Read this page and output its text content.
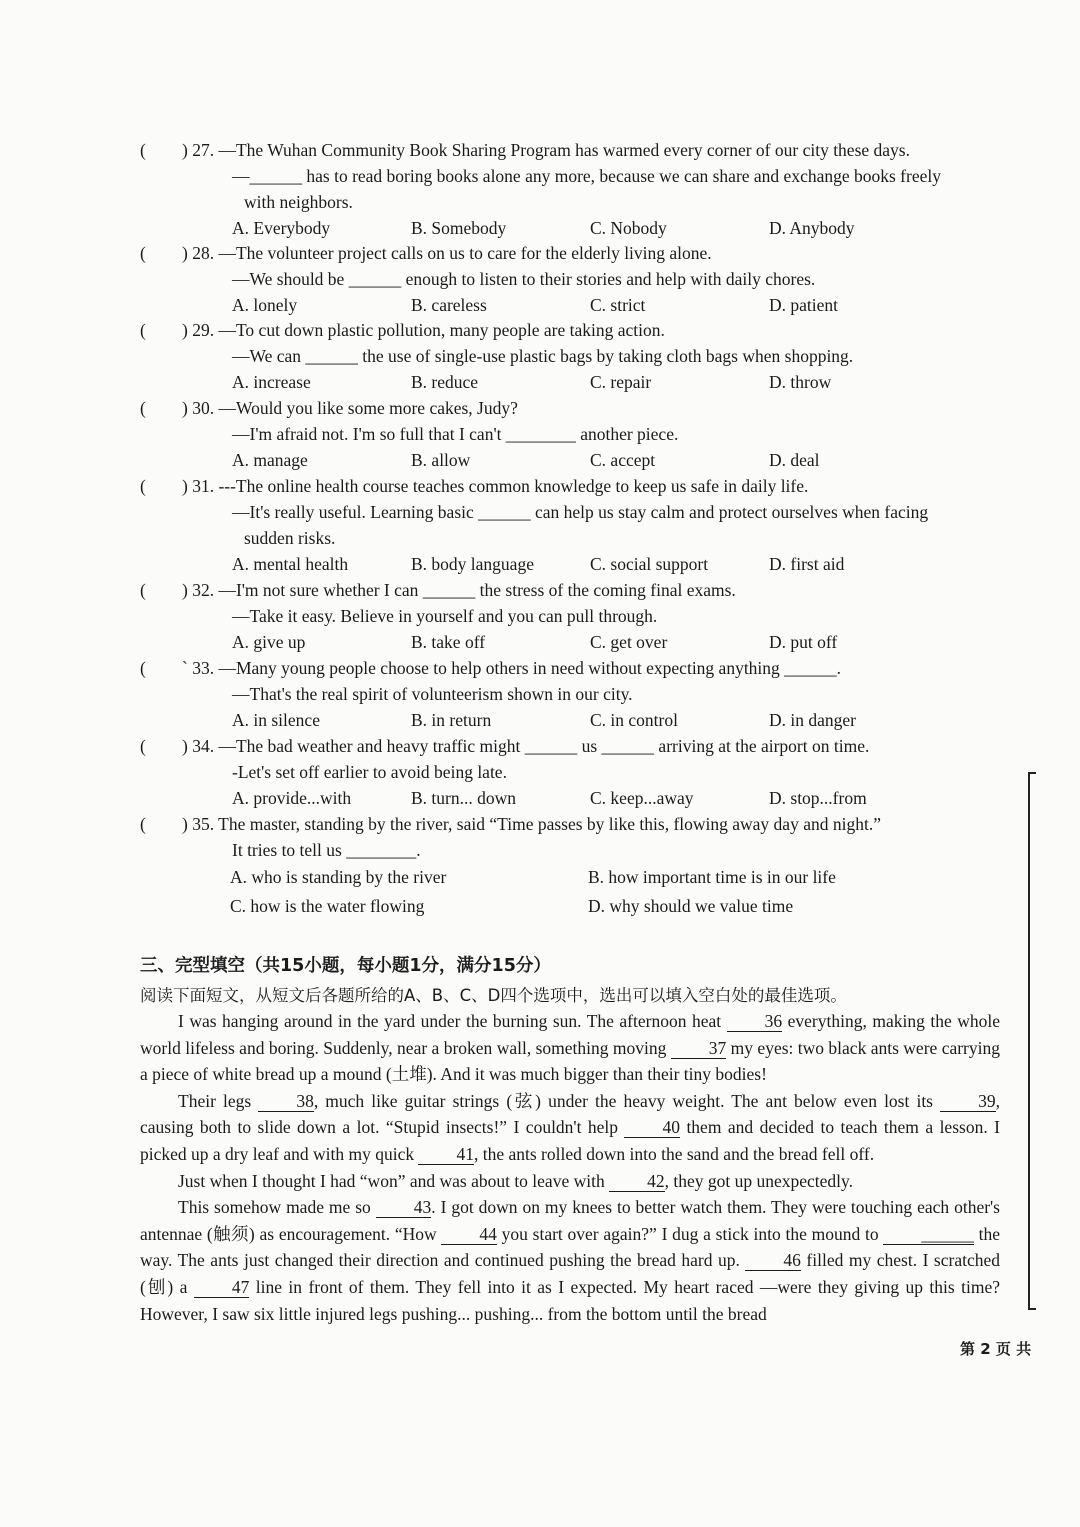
(
) 27. —The Wuhan Community Book Sharing Program has warmed every corner of our city these days.
—______ has to read boring books alone any more, because we can share and exchange books freely
with neighbors.
A. Everybody	B. Somebody	C. Nobody	D. Anybody
(
) 28. —The volunteer project calls on us to care for the elderly living alone.
—We should be ______ enough to listen to their stories and help with daily chores.
A. lonely	B. careless	C. strict	D. patient
(
) 29. —To cut down plastic pollution, many people are taking action.
—We can ______ the use of single-use plastic bags by taking cloth bags when shopping.
A. increase	B. reduce	C. repair	D. throw
(
) 30. —Would you like some more cakes, Judy?
—I'm afraid not. I'm so full that I can't ________ another piece.
A. manage	B. allow	C. accept	D. deal
(
) 31. ---The online health course teaches common knowledge to keep us safe in daily life.
—It's really useful. Learning basic ______ can help us stay calm and protect ourselves when facing
sudden risks.
A. mental health	B. body language	C. social support	D. first aid
(
) 32. —I'm not sure whether I can ______ the stress of the coming final exams.
—Take it easy. Believe in yourself and you can pull through.
A. give up	B. take off	C. get over	D. put off
(
` 33. —Many young people choose to help others in need without expecting anything ______.
—That's the real spirit of volunteerism shown in our city.
A. in silence	B. in return	C. in control	D. in danger
(
) 34. —The bad weather and heavy traffic might ______ us ______ arriving at the airport on time.
-Let's set off earlier to avoid being late.
A. provide...with	B. turn... down	C. keep...away	D. stop...from
(
) 35. The master, standing by the river, said “Time passes by like this, flowing away day and night.”
It tries to tell us ________.
A. who is standing by the river	B. how important time is in our life
C. how is the water flowing	D. why should we value time
三、完型填空（共15小题，每小题1分，满分15分）
阅读下面短文，从短文后各题所给的A、B、C、D四个选项中，选出可以填入空白处的最佳选项。

I was hanging around in the yard under the burning sun. The afternoon heat 36 everything, making the whole world lifeless and boring. Suddenly, near a broken wall, something moving 37 my eyes: two black ants were carrying a piece of white bread up a mound (土堆). And it was much bigger than their tiny bodies!

Their legs 38, much like guitar strings (弦) under the heavy weight. The ant below even lost its 39, causing both to slide down a lot. “Stupid insects!” I couldn't help 40 them and decided to teach them a lesson. I picked up a dry leaf and with my quick 41, the ants rolled down into the sand and the bread fell off.

Just when I thought I had “won” and was about to leave with 42, they got up unexpectedly.

This somehow made me so 43. I got down on my knees to better watch them. They were touching each other's antennae (触须) as encouragement. “How 44 you start over again?” I dug a stick into the mound to ______ the way. The ants just changed their direction and continued pushing the bread hard up. 46 filled my chest. I scratched (刨) a 47 line in front of them. They fell into it as I expected. My heart raced —were they giving up this time? However, I saw six little injured legs pushing... pushing... from the bottom until the bread

第 2 页 共
